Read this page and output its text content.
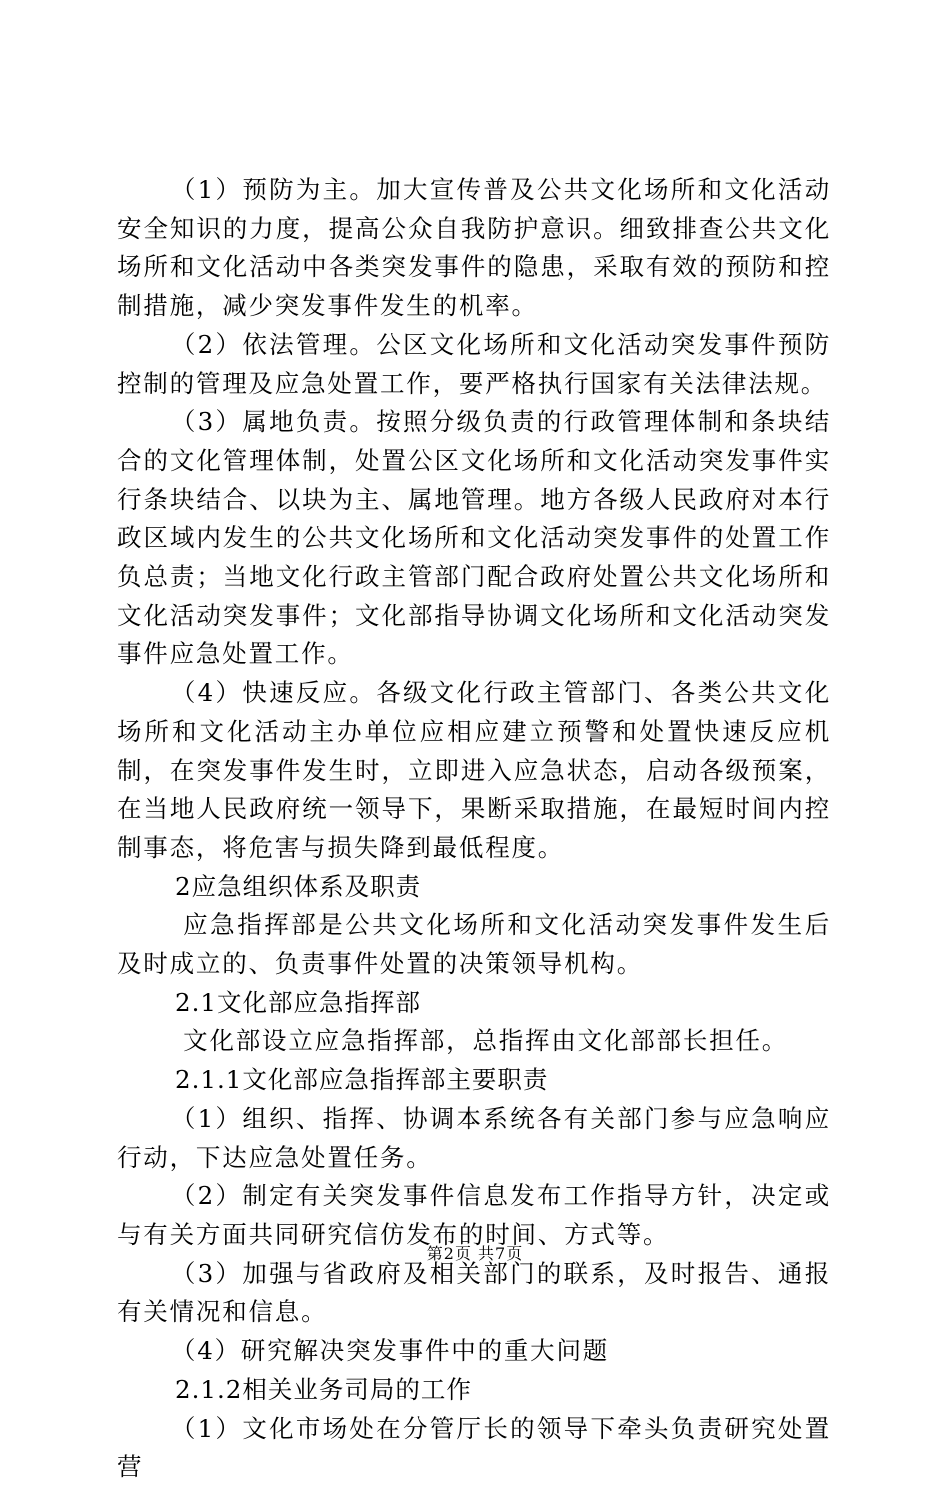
（1）预防为主。加大宣传普及公共文化场所和文化活动安全知识的力度，提高公众自我防护意识。细致排查公共文化场所和文化活动中各类突发事件的隐患，采取有效的预防和控制措施，减少突发事件发生的机率。

（2）依法管理。公区文化场所和文化活动突发事件预防控制的管理及应急处置工作，要严格执行国家有关法律法规。

（3）属地负责。按照分级负责的行政管理体制和条块结合的文化管理体制，处置公区文化场所和文化活动突发事件实行条块结合、以块为主、属地管理。地方各级人民政府对本行政区域内发生的公共文化场所和文化活动突发事件的处置工作负总责；当地文化行政主管部门配合政府处置公共文化场所和文化活动突发事件；文化部指导协调文化场所和文化活动突发事件应急处置工作。

（4）快速反应。各级文化行政主管部门、各类公共文化场所和文化活动主办单位应相应建立预警和处置快速反应机制，在突发事件发生时，立即进入应急状态，启动各级预案，在当地人民政府统一领导下，果断采取措施，在最短时间内控制事态，将危害与损失降到最低程度。

2应急组织体系及职责

应急指挥部是公共文化场所和文化活动突发事件发生后及时成立的、负责事件处置的决策领导机构。

2.1文化部应急指挥部

文化部设立应急指挥部，总指挥由文化部部长担任。

2.1.1文化部应急指挥部主要职责

（1）组织、指挥、协调本系统各有关部门参与应急响应行动，下达应急处置任务。

（2）制定有关突发事件信息发布工作指导方针，决定或与有关方面共同研究信仿发布的时间、方式等。

（3）加强与省政府及相关部门的联系，及时报告、通报有关情况和信息。

（4）研究解决突发事件中的重大问题

2.1.2相关业务司局的工作

（1）文化市场处在分管厅长的领导下牵头负责研究处置营

第2页 共7页
